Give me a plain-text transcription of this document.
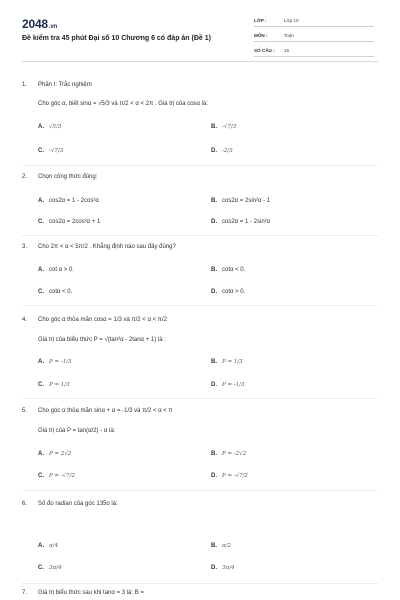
2048.vn
Đề kiểm tra 45 phút Đại số 10 Chương 6 có đáp án (Đề 1)
LỚP :	Lớp 10
MÔN :	Toán
SỐ CÂU : 15
1. Phần I: Trắc nghiệm
Cho góc α, biết sinα = √5/3 và π/2 < α < 2π . Giá trị của cosα là:
A. √5/3	B. -√7/3
C. -√7/3	D. -2/3
2. Chọn công thức đúng:
A. cos2α = 1 - 2cos²α	B. cos2α = 2sin²α - 1
C. cos2α = 2cos²α + 1	D. cos2α = 1 - 2sin²α
3. Cho 2π < α < 5π/2 . Khẳng định nào sau đây đúng?
A. cot α > 0.	B. cotα < 0.
C. cotα < 0.	D. cotα > 0.
4. Cho góc α thỏa mãn cosα = 1/3 và π/2 < α < π/2
Giá trị của biểu thức P = √(tan²α - 2tanα + 1) là :
A. P = -1/3	B. P = 1/3
C. P = 1/3	D. P = -1/3
5. Cho góc α thỏa mãn sinα + α = -1/3 và π/2 < α < π
Giá trị của P = tan(α/2) - α là:
A. P = 2√2	B. P = -2√2
C. P = -√7/2	D. P = -√7/2
6. Số đo radian của góc 135o là:
A. π/4	B. π/2
C. 3π/4	D. 3π/4
7. Giá trị biểu thức sau khi tanα = 3 là: B =
